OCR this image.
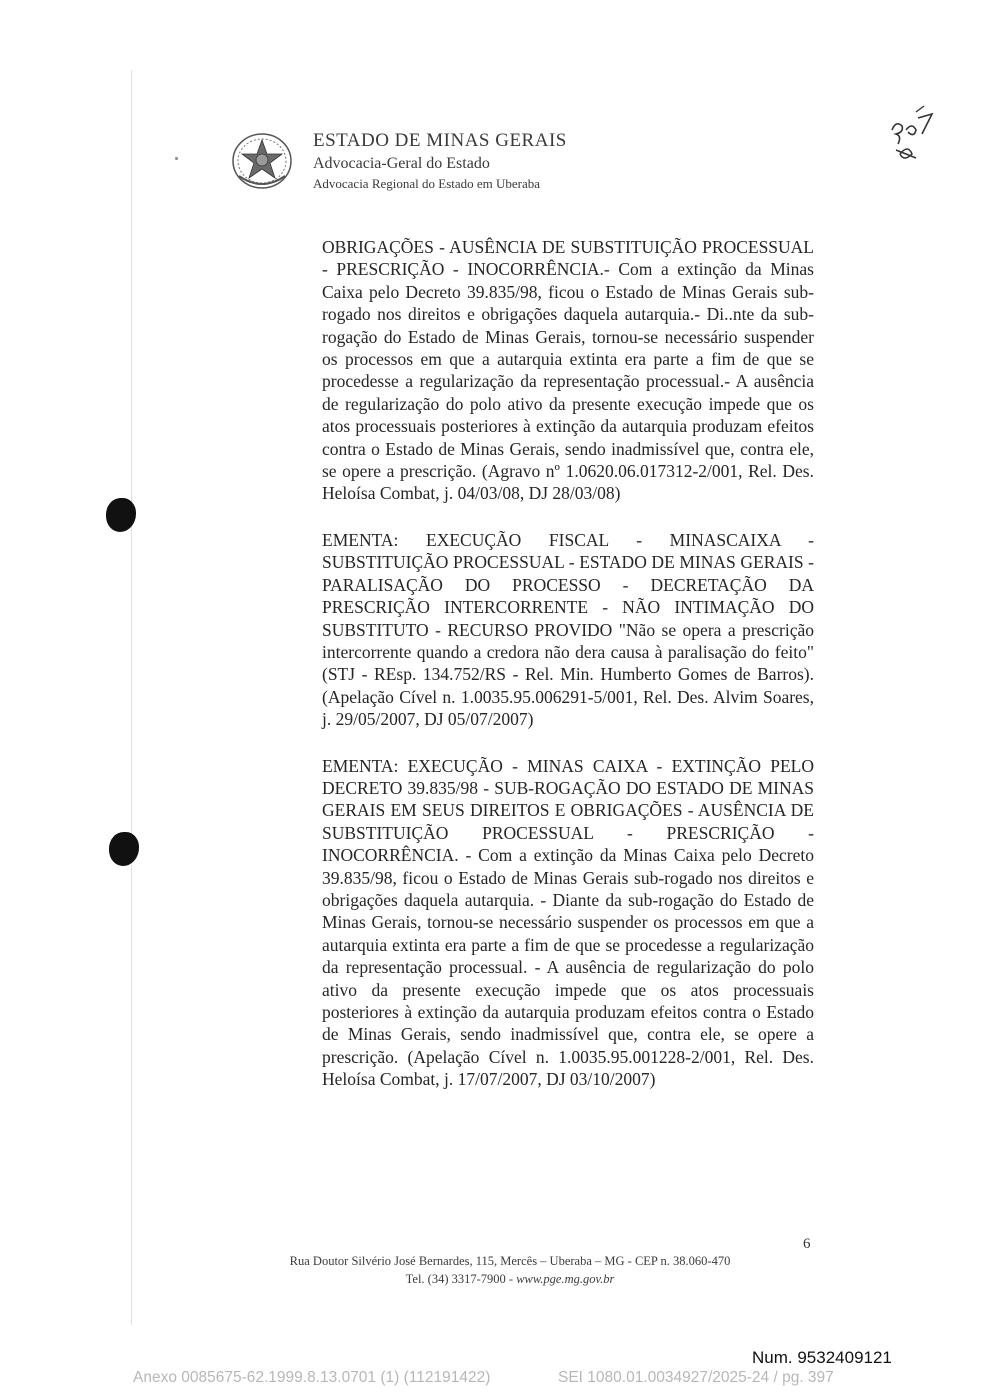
ESTADO DE MINAS GERAIS
Advocacia-Geral do Estado
Advocacia Regional do Estado em Uberaba

OBRIGAÇÕES - AUSÊNCIA DE SUBSTITUIÇÃO PROCESSUAL - PRESCRIÇÃO - INOCORRÊNCIA.- Com a extinção da Minas Caixa pelo Decreto 39.835/98, ficou o Estado de Minas Gerais sub-rogado nos direitos e obrigações daquela autarquia.- Di..nte da sub-rogação do Estado de Minas Gerais, tornou-se necessário suspender os processos em que a autarquia extinta era parte a fim de que se procedesse a regularização da representação processual.- A ausência de regularização do polo ativo da presente execução impede que os atos processuais posteriores à extinção da autarquia produzam efeitos contra o Estado de Minas Gerais, sendo inadmissível que, contra ele, se opere a prescrição. (Agravo nº 1.0620.06.017312-2/001, Rel. Des. Heloísa Combat, j. 04/03/08, DJ 28/03/08)

EMENTA: EXECUÇÃO FISCAL - MINASCAIXA - SUBSTITUIÇÃO PROCESSUAL - ESTADO DE MINAS GERAIS - PARALISAÇÃO DO PROCESSO - DECRETAÇÃO DA PRESCRIÇÃO INTERCORRENTE - NÃO INTIMAÇÃO DO SUBSTITUTO - RECURSO PROVIDO "Não se opera a prescrição intercorrente quando a credora não dera causa à paralisação do feito" (STJ - REsp. 134.752/RS - Rel. Min. Humberto Gomes de Barros). (Apelação Cível n. 1.0035.95.006291-5/001, Rel. Des. Alvim Soares, j. 29/05/2007, DJ 05/07/2007)

EMENTA: EXECUÇÃO - MINAS CAIXA - EXTINÇÃO PELO DECRETO 39.835/98 - SUB-ROGAÇÃO DO ESTADO DE MINAS GERAIS EM SEUS DIREITOS E OBRIGAÇÕES - AUSÊNCIA DE SUBSTITUIÇÃO PROCESSUAL - PRESCRIÇÃO - INOCORRÊNCIA. - Com a extinção da Minas Caixa pelo Decreto 39.835/98, ficou o Estado de Minas Gerais sub-rogado nos direitos e obrigações daquela autarquia. - Diante da sub-rogação do Estado de Minas Gerais, tornou-se necessário suspender os processos em que a autarquia extinta era parte a fim de que se procedesse a regularização da representação processual. - A ausência de regularização do polo ativo da presente execução impede que os atos processuais posteriores à extinção da autarquia produzam efeitos contra o Estado de Minas Gerais, sendo inadmissível que, contra ele, se opere a prescrição. (Apelação Cível n. 1.0035.95.001228-2/001, Rel. Des. Heloísa Combat, j. 17/07/2007, DJ 03/10/2007)

6
Rua Doutor Silvério José Bernardes, 115, Mercês – Uberaba – MG - CEP n. 38.060-470
Tel. (34) 3317-7900 - www.pge.mg.gov.br
Num. 9532409121
Anexo 0085675-62.1999.8.13.0701 (1) (112191422)	SEI 1080.01.0034927/2025-24 / pg. 397
